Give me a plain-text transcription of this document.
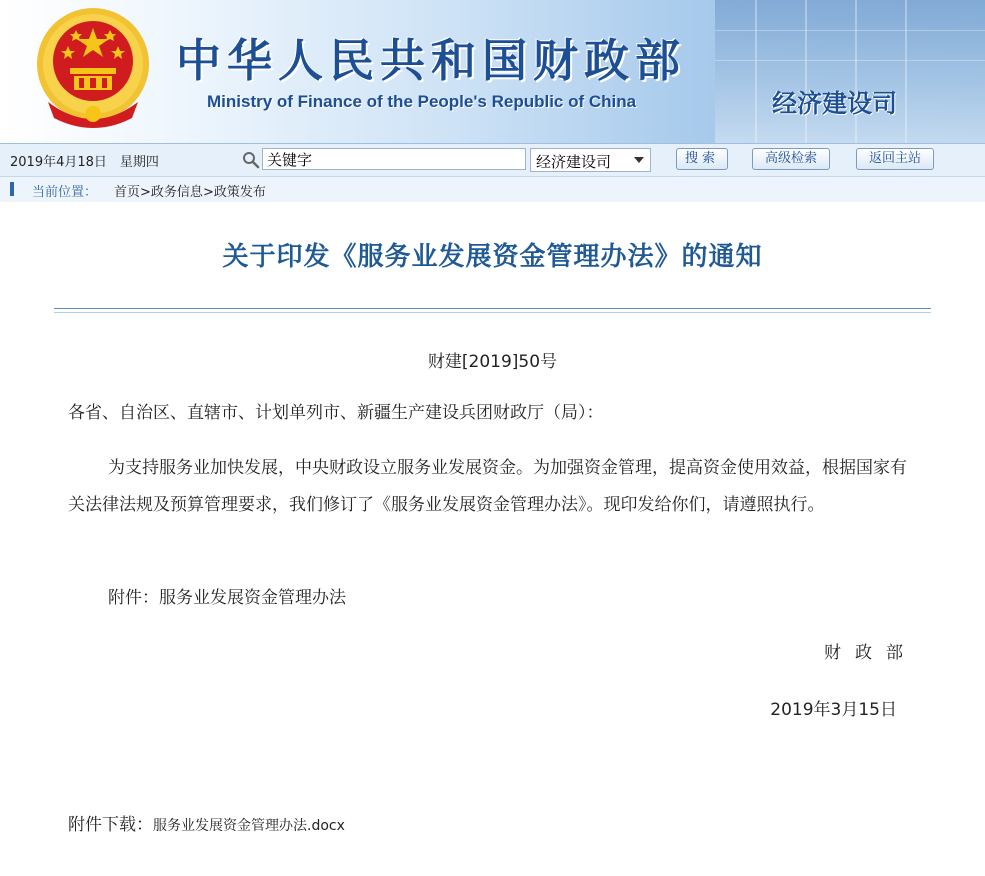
中华人民共和国财政部
Ministry of Finance of the People's Republic of China	经济建设司
2019年4月18日　星期四
关键字	经济建设司	搜索	高级检索	返回主站
当前位置： 首页>政务信息>政策发布
关于印发《服务业发展资金管理办法》的通知
财建[2019]50号
各省、自治区、直辖市、计划单列市、新疆生产建设兵团财政厅（局）：
为支持服务业加快发展，中央财政设立服务业发展资金。为加强资金管理，提高资金使用效益，根据国家有关法律法规及预算管理要求，我们修订了《服务业发展资金管理办法》。现印发给你们，请遵照执行。
附件：服务业发展资金管理办法
财政部
2019年3月15日
附件下载：服务业发展资金管理办法.docx
